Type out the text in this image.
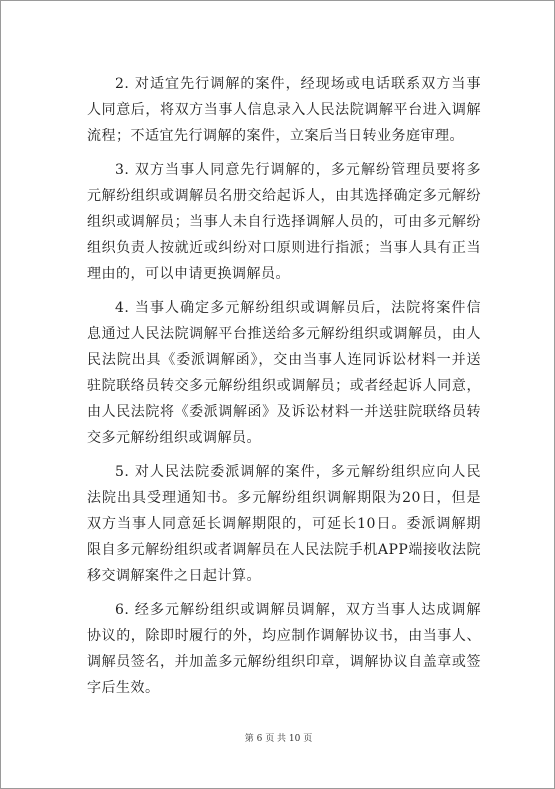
2. 对适宜先行调解的案件，经现场或电话联系双方当事人同意后，将双方当事人信息录入人民法院调解平台进入调解流程；不适宜先行调解的案件，立案后当日转业务庭审理。

3. 双方当事人同意先行调解的，多元解纷管理员要将多元解纷组织或调解员名册交给起诉人，由其选择确定多元解纷组织或调解员；当事人未自行选择调解人员的，可由多元解纷组织负责人按就近或纠纷对口原则进行指派；当事人具有正当理由的，可以申请更换调解员。

4. 当事人确定多元解纷组织或调解员后，法院将案件信息通过人民法院调解平台推送给多元解纷组织或调解员，由人民法院出具《委派调解函》，交由当事人连同诉讼材料一并送驻院联络员转交多元解纷组织或调解员；或者经起诉人同意，由人民法院将《委派调解函》及诉讼材料一并送驻院联络员转交多元解纷组织或调解员。

5. 对人民法院委派调解的案件，多元解纷组织应向人民法院出具受理通知书。多元解纷组织调解期限为20日，但是双方当事人同意延长调解期限的，可延长10日。委派调解期限自多元解纷组织或者调解员在人民法院手机APP端接收法院移交调解案件之日起计算。

6. 经多元解纷组织或调解员调解，双方当事人达成调解协议的，除即时履行的外，均应制作调解协议书，由当事人、调解员签名，并加盖多元解纷组织印章，调解协议自盖章或签字后生效。

第 6 页 共 10 页
